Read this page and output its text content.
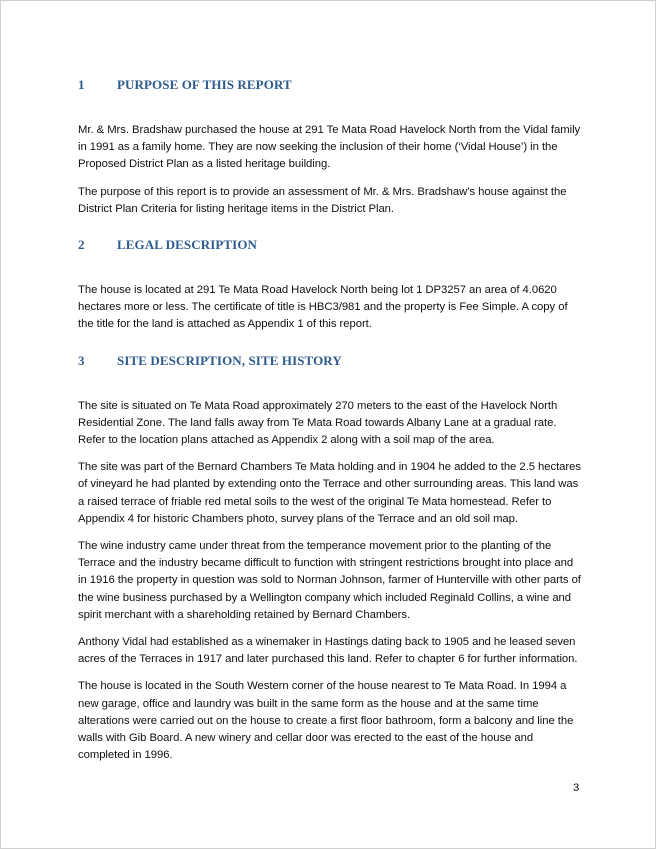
1	PURPOSE OF THIS REPORT

Mr. & Mrs. Bradshaw purchased the house at 291 Te Mata Road Havelock North from the Vidal family in 1991 as a family home. They are now seeking the inclusion of their home (‘Vidal House’) in the Proposed District Plan as a listed heritage building.

The purpose of this report is to provide an assessment of Mr. & Mrs. Bradshaw’s house against the District Plan Criteria for listing heritage items in the District Plan.

2	LEGAL DESCRIPTION

The house is located at 291 Te Mata Road Havelock North being lot 1 DP3257 an area of 4.0620 hectares more or less. The certificate of title is HBC3/981 and the property is Fee Simple. A copy of the title for the land is attached as Appendix 1 of this report.

3	SITE DESCRIPTION, SITE HISTORY

The site is situated on Te Mata Road approximately 270 meters to the east of the Havelock North Residential Zone. The land falls away from Te Mata Road towards Albany Lane at a gradual rate. Refer to the location plans attached as Appendix 2 along with a soil map of the area.

The site was part of the Bernard Chambers Te Mata holding and in 1904 he added to the 2.5 hectares of vineyard he had planted by extending onto the Terrace and other surrounding areas. This land was a raised terrace of friable red metal soils to the west of the original Te Mata homestead. Refer to Appendix 4 for historic Chambers photo, survey plans of the Terrace and an old soil map.

The wine industry came under threat from the temperance movement prior to the planting of the Terrace and the industry became difficult to function with stringent restrictions brought into place and in 1916 the property in question was sold to Norman Johnson, farmer of Hunterville with other parts of the wine business purchased by a Wellington company which included Reginald Collins, a wine and spirit merchant with a shareholding retained by Bernard Chambers.

Anthony Vidal had established as a winemaker in Hastings dating back to 1905 and he leased seven acres of the Terraces in 1917 and later purchased this land. Refer to chapter 6 for further information.

The house is located in the South Western corner of the house nearest to Te Mata Road. In 1994 a new garage, office and laundry was built in the same form as the house and at the same time alterations were carried out on the house to create a first floor bathroom, form a balcony and line the walls with Gib Board. A new winery and cellar door was erected to the east of the house and completed in 1996.

3
